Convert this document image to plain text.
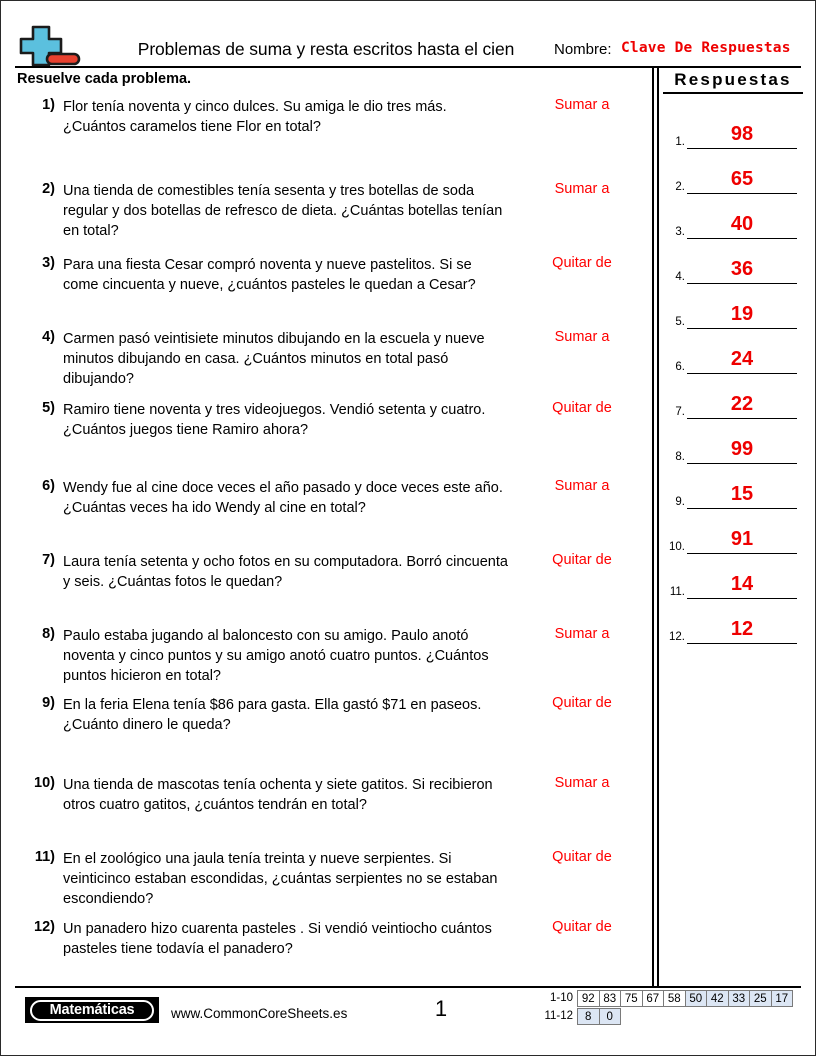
Problemas de suma y resta escritos hasta el cien	Nombre: Clave De Respuestas
Resuelve cada problema.	Respuestas
1) Flor tenía noventa y cinco dulces. Su amiga le dio tres más. ¿Cuántos caramelos tiene Flor en total?
Sumar a
2) Una tienda de comestibles tenía sesenta y tres botellas de soda regular y dos botellas de refresco de dieta. ¿Cuántas botellas tenían en total?
Sumar a
3) Para una fiesta Cesar compró noventa y nueve pastelitos. Si se come cincuenta y nueve, ¿cuántos pasteles le quedan a Cesar?
Quitar de
4) Carmen pasó veintisiete minutos dibujando en la escuela y nueve minutos dibujando en casa. ¿Cuántos minutos en total pasó dibujando?
Sumar a
5) Ramiro tiene noventa y tres videojuegos. Vendió setenta y cuatro. ¿Cuántos juegos tiene Ramiro ahora?
Quitar de
6) Wendy fue al cine doce veces el año pasado y doce veces este año. ¿Cuántas veces ha ido Wendy al cine en total?
Sumar a
7) Laura tenía setenta y ocho fotos en su computadora. Borró cincuenta y seis. ¿Cuántas fotos le quedan?
Quitar de
8) Paulo estaba jugando al baloncesto con su amigo. Paulo anotó noventa y cinco puntos y su amigo anotó cuatro puntos. ¿Cuántos puntos hicieron en total?
Sumar a
9) En la feria Elena tenía $86 para gasta. Ella gastó $71 en paseos. ¿Cuánto dinero le queda?
Quitar de
10) Una tienda de mascotas tenía ochenta y siete gatitos. Si recibieron otros cuatro gatitos, ¿cuántos tendrán en total?
Sumar a
11) En el zoológico una jaula tenía treinta y nueve serpientes. Si veinticinco estaban escondidas, ¿cuántas serpientes no se estaban escondiendo?
Quitar de
12) Un panadero hizo cuarenta pasteles . Si vendió veintiocho cuántos pasteles tiene todavía el panadero?
Quitar de
1.	98
2.	65
3.	40
4.	36
5.	19
6.	24
7.	22
8.	99
9.	15
10.	91
11.	14
12.	12
Matemáticas	www.CommonCoreSheets.es	1	1-10 92 83 75 67 58 50 42 33 25 17
11-12	8	0
